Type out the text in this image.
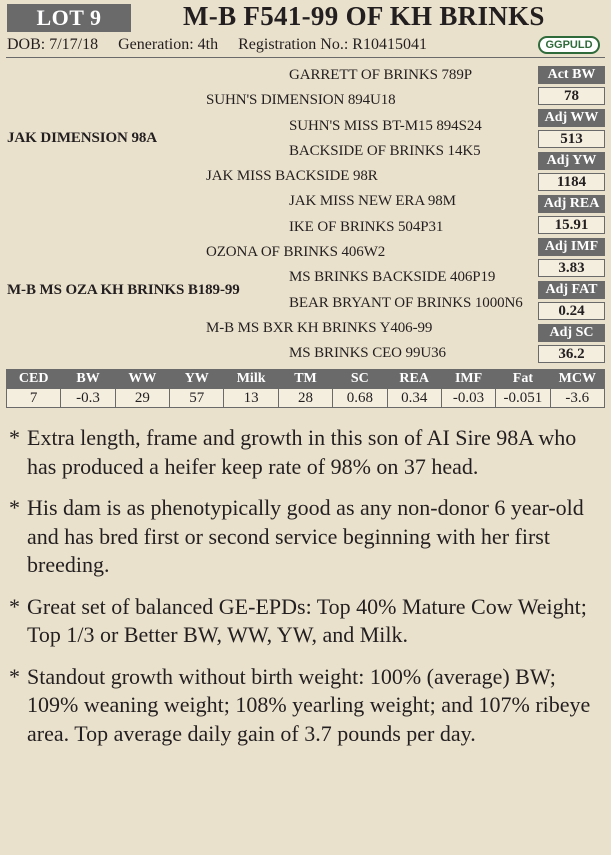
LOT 9	M-B F541-99 OF KH BRINKS
DOB: 7/17/18 Generation: 4th Registration No.: R10415041	GGPULD
GARRETT OF BRINKS 789P
SUHN'S DIMENSION 894U18
SUHN'S MISS BT-M15 894S24
JAK DIMENSION 98A
BACKSIDE OF BRINKS 14K5
JAK MISS BACKSIDE 98R
JAK MISS NEW ERA 98M
IKE OF BRINKS 504P31
OZONA OF BRINKS 406W2
MS BRINKS BACKSIDE 406P19
M-B MS OZA KH BRINKS B189-99
BEAR BRYANT OF BRINKS 1000N6
M-B MS BXR KH BRINKS Y406-99
MS BRINKS CEO 99U36
Act BW
78
Adj WW
513
Adj YW
1184
Adj REA
15.91
Adj IMF
3.83
Adj FAT
0.24
Adj SC
36.2
CED	BW	WW	YW	Milk	TM	SC	REA	IMF	Fat	MCW
7	-0.3	29	57	13	28	0.68	0.34	-0.03	-0.051	-3.6
* Extra length, frame and growth in this son of AI Sire 98A who has produced a heifer keep rate of 98% on 37 head.
* His dam is as phenotypically good as any non-donor 6 year-old and has bred first or second service beginning with her first breeding.
* Great set of balanced GE-EPDs: Top 40% Mature Cow Weight; Top 1/3 or Better BW, WW, YW, and Milk.
* Standout growth without birth weight: 100% (average) BW; 109% weaning weight; 108% yearling weight; and 107% ribeye area. Top average daily gain of 3.7 pounds per day.
